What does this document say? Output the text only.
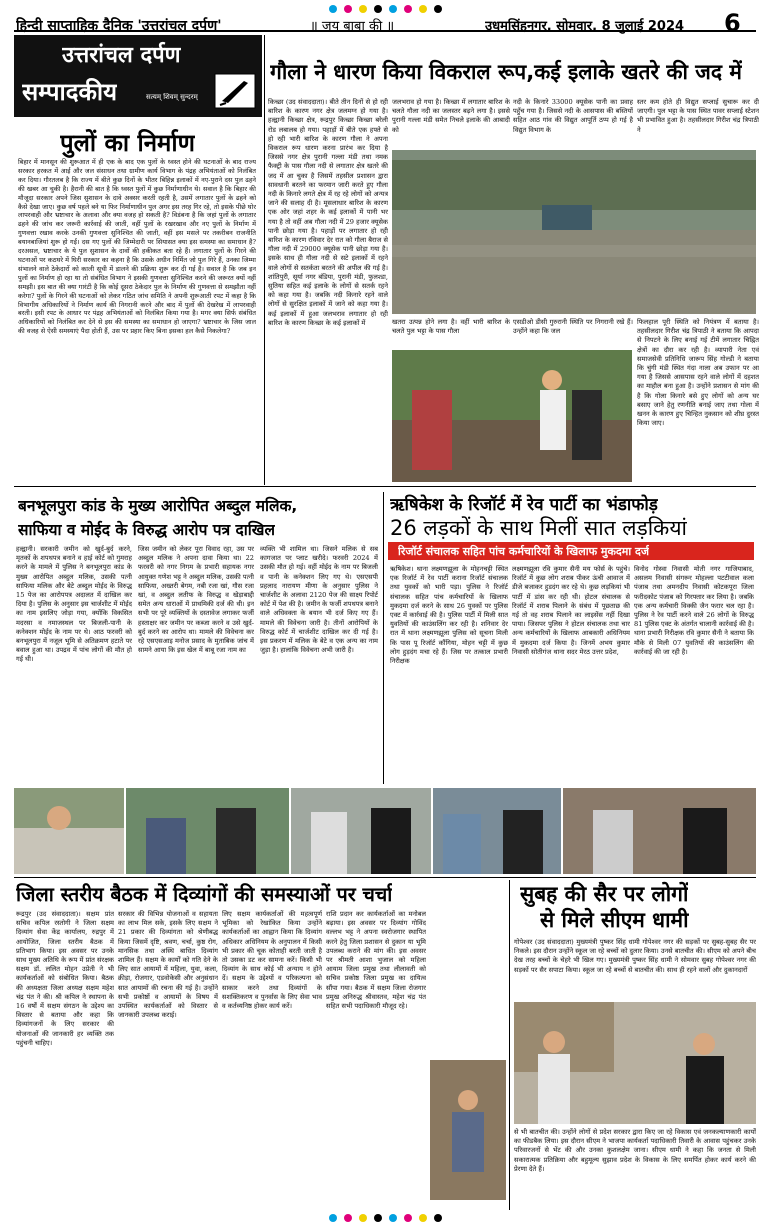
हिन्दी साप्ताहिक दैनिक 'उत्तरांचल दर्पण'	॥ जय बाबा की ॥	उधमसिंहनगर, सोमवार, 8 जुलाई 2024 6
उत्तरांचल दर्पण
सम्पादकीय	सत्यम् शिवम् सुन्दरम्
पुलों का निर्माण
बिहार में मानसून की शुरूआत में ही एक के बाद एक पुलों के ध्वस्त होने की घटनाओं के बाद राज्य सरकार हरकत में आई और जल संसाधन तथा ग्रामीण कार्य विभाग के पंद्रह अभियंताओं को निलंबित कर दिया। गौरतलब है कि राज्य में बीते कुछ दिनों के भीतर बिहिन्न इलाकों में नए-पुराने दस पुल ढहने की खबर आ चुकी है। हैरानी की बात है कि ध्वस्त पुलों में कुछ निर्माणाधीन थे। सवाल है कि बिहार की मौजूदा सरकार अपने जिस सुशासन के दावे अक्सर करती रहती है, उसमें लगातार पुलों के ढहने को कैसे देखा जाए। कुछ वर्ष पहले बने या फिर निर्माणाधीन पुल अगर इस तरह गिर रहे, तो इसके पीछे घोर लापरवाही और भ्रष्टाचार के अलावा और क्या वजह हो सकती है? विडंबना है कि जहां पुलों के लगातार ढहने की जांच कर जरूरी कार्रवाई की जाती, वहीं पुलों के रखरखाव और नए पुलों के निर्माण में गुणवत्ता रखाव करके उनकी गुणवत्ता सुनिश्चित की जाती, वहीं इस मसले पर तकरीबन राजनीति बयानबाजियां शुरू हो गईं। दस गए पुलों की जिम्मेदारी पर सियासत क्या इस समस्या का समाधान है? दरअसल, भ्रष्टाचार के ये पुल सुशासन के दावों की हकीकत बता रहे हैं। लगातार पुलों के गिरने की घटनाओं पर कठघरे में घिरी सरकार का कहना है कि उसके अधीन निर्मित जो पुल गिरे हैं, उनका जिम्मा संभालने वाले ठेकेदारों को काली सूची में डालने की प्रक्रिया शुरू कर दी गई है। सवाल है कि जब इन पुलों का निर्माण हो रहा था तो संबंधित विभाग ने इसकी गुणवत्ता सुनिश्चित करने की जरूरत क्यों नहीं समझी। इस बात की क्या गारंटी है कि कोई दूसरा ठेकेदार पुल के निर्माण की गुणवत्ता से समझौता नहीं करेगा? पुलों के गिरने की घटनाओं को लेकर गठित जांच समिति ने अपनी शुरूआती रपट में कहा है कि विभागीय अधिकारियों ने निर्माण कार्य की निगरानी करने और बाद में पुलों की देखरेख में लापरवाही बरती। इसी रपट के आधार पर पंद्रह अभियंताओं को निलंबित किया गया है। मगर क्या सिर्फ संबंधित अधिकारियों को निलंबित कर देने से इस की समस्या का समाधान हो जाएगा? भ्रष्टाचार के जिस जाल की वजह से ऐसी समस्याएं पैदा होती हैं, उस पर प्रहार किए बिना इसका हल कैसे निकलेगा?
गौला ने धारण किया विकराल रूप,कई इलाके खतरे की जद में
किच्छा (उद संवाददाता)। बीते तीन दिनों से हो रही बारिश के कारण नगर क्षेत्र जलमग्न हो गया है। हल्द्वानी किच्छा क्षेत्र, रूद्रपुर किच्छा किच्छा बरेली रोड लबालब हो गया। पहाड़ों में बीते एक हफ्ते से हो रही भारी बारिश के कारण गौला ने अपना विकराल रूप धारण करना प्रारंभ कर दिया है जिससे नगर क्षेत्र पुरानी गल्ला मंडी तथा नमक फैक्ट्री के पास गौला नदी से लगातार क्षेत्र खतरे की जद में आ चुका है जिसमें तहसील प्रशासन द्वारा सावधानी बरतने का फरमान जारी करते हुए गौला नदी के किनारे लगते क्षेत्र में रह रहे लोगों को अन्यत्र जाने की सलाह दी है। मूसलाधार बारिश के कारण एक ओर जहां शहर के कई इलाकों में पानी भर गया है तो वहीं अब गौला नदी में 29 हजार क्यूसेक पानी छोड़ा गया है। पहाड़ों पर लगातार हो रही बारिश के कारण रविवार देर रात को गौला बैराज से गौला नदी में 29000 क्यूसेक पानी छोड़ा गया है। इसके साथ ही गौला नदी से सटे इलाकों में रहने वाले लोगों से सतर्कता बरतने की अपील की गई है। शांतिपुरी, सूर्या नगर बंडिया, पुरानी मंडी, फुलश्डा, सुतिया सहित कई इलाके के लोगों से सतर्क रहने को कहा गया है। जबकि नदी किनारे रहने वाले लोगों से सुरक्षित इलाकों में जाने को कहा गया है। कई इलाकों में हुआ जलभराव लगातार हो रही बारिश के कारण किच्छा के कई इलाकों में
जलभराव हो गया है। किच्छा में लगातार बारिश के चलते गौला नदी का जलस्तर बढ़ने लगा है। इससे पुरानी गल्ला मंडी समेत निचले इलाके की आबादी को
नदी के किनारे 33000 क्यूसेक पानी का प्रवाह पहुँच गया है। जिससे नदी के आसपास की बस्तियों सहित आठ गांव की विद्युत आपूर्ति ठप्प हो गई है विद्युत विभाग के
स्तर कम होते ही विद्युत सप्लाई सुचारू कर दी जाएगी। पुल भट्टा के पास स्थित पावर सप्लाई स्टेशन भी प्रभावित हुआ है। तहसीलदार गिरीश चंद्र त्रिपाठी ने
खतरा उत्पन्न होने लगा है। वहीं भारी बारिश के चलते पुल भट्टा के पास गौला
एसडीओ डीसी गुरुरानी स्थिति पर निगरानी रखे हैं। उन्होंने कहा कि जल
फिलहाल पूरी स्थिति को नियंत्रण में बताया है। तहसीलदार गिरीश चंद्र त्रिपाठी ने बताया कि आपदा से निपटने के लिए बनाई गई टीमें लगातार चिह्नित क्षेत्रों का दौरा कर रही है। व्यापारी नेता एवं समाजसेवी प्रतिनिधि जारूप सिंह गोल्डी ने बताया कि चुंगी मंडी स्थित गंदा नाला अब उफान पर आ गया है जिससे आसपास रहने वाले लोगों में दहशत का माहौल बना हुआ है। उन्होंने प्रशासन से मांग की है कि गोला किनारे बसे हुए लोगों को अन्य घर बसाए जाने हेतु रणनीति बनाई जाए तथा गोला में खनन के कारण हुए चिन्हित नुकसान को शीघ्र दुरस्त किया जाए।
बनभूलपुरा कांड के मुख्य आरोपित अब्दुल मलिक,
साफिया व मोईद के विरुद्ध आरोप पत्र दाखिल
हल्द्वानी। सरकारी जमीन को खुर्द-बुर्द करने, मृतकों के शपथपत्र बनाने व हाई कोर्ट को गुमराह करने के मामले में पुलिस ने बनभूलपुरा कांड के मुख्य आरोपित अब्दुल मलिक, उसकी पत्नी साफिया मलिक और बेटे अब्दुल मोईद के विरुद्ध 15 पेज का आरोपपत्र अदालत में दाखिल कर दिया है। पुलिस के अनुसार इस चार्जशीट में मोईद का नाम इसलिए जोड़ा गया, क्योंकि विकसित मदरसा व नमाजस्थल पर बिजली-पानी के कनेक्शन मोईद के नाम पर थे। आठ फरवरी को बनभूलपुरा में नजूल भूमि से अतिक्रमण हटाते पर बवाल हुआ था। उपद्रव में पांच लोगों की मौत हो गई थी।
जिस जमीन को लेकर पूरा विवाद रहा, उस पर अब्दुल मलिक ने अपना दावा किया था। 22 फरवरी को नगर निगम के प्रभारी सहायक नगर आयुक्त गणेश भट्ट ने अब्दुल मलिक, उसकी पत्नी साफिया, अख्तरी बेगम, नबी रजा खां, गौस रजा खां, व अब्दुल लतीफ के विरुद्ध व खेड़ाबाद्दी समेत अन्य धाराओं में प्राथमिकी दर्ज की थी। इन सभी पर पूरे व्यक्तियों के दस्तावेज लगाकर फर्जी हस्ताक्षर कर जमीन पर कब्जा करने व उसे खुर्द-बुर्द करने का आरोप था। मामले की विवेचना कर रहे एसएसआइ मनोज प्रसाद के मुताबिक जांच में सामने आया कि इस खेल में बाबू रजा नाम का
व्यक्ति भी शामिल था। जिसने मलिक से सब कागजात पर प्लाट खरीदे। फरवरी 2024 में उसकी मौत हो गई। वहीं मोईद के नाम पर बिजली व पानी के कनेक्शन लिए गए थे। एसएसपी प्रहलाद नारायण मीणा के अनुसार पुलिस ने चार्जशीट के अलावा 2120 पेज की साक्ष्य रिपोर्ट कोर्ट में पेश की है। जमीन के फर्जी शपथपत्र बनाने वाले अधिवक्ता के बयान भी दर्ज किए गए हैं। मामले की विवेचना जारी है। तीनों आरोपियों के विरुद्ध कोर्ट में चार्जशीट दाखिल कर दी गई है। इस प्रकरण में मलिक के बेटे व एक अन्य का नाम जुड़ा है। हालांकि विवेचना अभी जारी है।
ऋषिकेश के रिजॉर्ट में रेव पार्टी का भंडाफोड़
26 लड़कों के साथ मिलीं सात लड़कियां
रिजॉर्ट संचालक सहित पांच कर्मचारियों के खिलाफ मुकदमा दर्ज
ऋषिकेश। थाना लक्ष्मणझूला के मोहनचट्टी स्थित एक रिजॉर्ट में रेव पार्टी कराना रिजॉर्ट संचालक तथा युवकों को भारी पड़ा। पुलिस ने रिजॉर्ट संचालक सहित पांच कर्मचारियों के खिलाफ मुकदमा दर्ज करने के साथ 26 युवकों पर पुलिस एक्ट में कार्रवाई की है। पुलिस पार्टी में मिली सात युवतियों की काउंसलिंग कर रही है। शनिवार देर रात में थाना लक्ष्मणझूला पुलिस को सूचना मिली कि पास पू रिजॉर्ट कौंगिया, मोहन चट्टी में कुछ लोग हुड़दंग मचा रहे हैं। जिस पर तत्काल प्रभारी निरीक्षक
लक्ष्मणझूला रवि कुमार सैनी मय फोर्स के पहुंचे। रिजॉर्ट में कुछ लोग शराब पीकर ऊंची आवाज में डीजे बजाकर हुडदंग कर रहे थे। कुछ लड़कियां भी पार्टी में डांस कर रही थी। होटल संचालक से रिजॉर्ट में शराब पिलाने के संबंध में पूछताछ की गई तो वह शराब पिलाने का लाइसेंस नहीं दिखा पाया। जिसपर पुलिस ने होटल संचालक तथा चार अन्य कर्मचारियों के खिलाफ आबकारी अधिनियम में मुकदमा दर्ज किया है। जिनमें अभय कुमार निवासी सोतीगंज थाना सदर मेरठ उत्तर प्रदेश,
विनोद गोस्वा निवासी मोती नगर गाजियाबाद, असलम निवासी संगरूर मोहल्ला पटटीवाल कला पंजाब तथा अमनदीप निवासी कोटकपूरा जिला फरीदकोट पंजाब को गिरफ्तार कर लिया है। जबकि एक अन्य कर्मचारी विक्की जैन फरार चल रहा है। पुलिस ने रेव पार्टी करने वाले 26 लोगों के विरुद्ध 81 पुलिस एक्ट के अंतर्गत चालानी कार्रवाई की है। थाना प्रभारी निरीक्षक रवि कुमार सैनी ने बताया कि मौके से मिली 07 युवतियों की काउंसलिंग की कार्रवाई की जा रही है।
जिला स्तरीय बैठक में दिव्यांगों की समस्याओं पर चर्चा
रूद्रपुर (उद संवाददाता)। सक्षम प्रांत सचिव कपिल रस्तोगी ने जिला सक्षम दिव्यांग सेवा केंद्र कार्यालय, रुद्रपुर में आयोजित, जिला स्तरीय बैठक में प्रतिभाग किया। इस अवसर पर उनके साथ मुख्य अतिथि के रूप में प्रांत संरक्षक सक्षम डॉ. ललित मोहन उप्रेती ने भी कार्यकर्ताओं को संबोधित किया। बैठक की अध्यक्षता जिला अध्यक्ष सक्षम महेश चंद्र पंत ने की। श्री कपिल ने स्थापना के 16 वर्षों में सक्षम संगठन के उद्देश्य का विस्तार से बताया और कहा कि दिव्यांगजनों के लिए सरकार की योजनाओं की जानकारी हर व्यक्ति तक पहुंचनी चाहिए।
सरकार की विभिन्न योजनाओं व सहायता का लाभ मिल सके, इसके लिए सक्षम ने 21 प्रकार की दिव्यांगता को श्रेणीबद्ध किया जिसमें दृष्टि, श्रवण, चर्चा, कुष्ठ रोग, मानसिक तथा अस्थि बाधित दिव्यांग शामिल हैं। सक्षम के कार्यों को गति देने के लिए सात आयामों में महिला, युवा, कला, क्रीड़ा, रोजगार, एडवोकेसी और अनुसंधान सात आयामों की रचना की गई है। उन्होंने सभी प्रकोष्ठों व आयामों के विषय में उपस्थित कार्यकर्ताओं को विस्तार से जानकारी उपलब्ध कराई।
लिए सक्षम कार्यकर्ताओं की महत्वपूर्ण भूमिका को रेखांकित किया उन्होंने कार्यकर्ताओं का आह्वान किया कि दिव्यांग अधिकार अधिनियम के अनुपालन में किसी भी प्रकार की चूक कोताही बरती जाती है तो उसका डट कर सामना करें। किसी भी दिव्यांग के साथ कोई भी अन्याय न होने दें। सक्षम के उद्देश्यों व परिकल्पना को साकार करने तथा दिव्यांगों के सशक्तिकरण व पुनर्वास के लिए सेवा भाव व कर्तव्यनिष्ठ होकर कार्य करें।
राशि प्रदान कर कार्यकर्ताओं का मनोबल बढ़ाया। इस अवसर पर दिव्यांग गोविंद वल्लभ भट्ट ने अपना स्वरोजगार स्थापित करने हेतु जिला प्रशासन से दुकान या भूमि उपलब्ध कराने की मांग की। इस अवसर पर श्रीमती आशा भुजाल को महिला आयाम जिला प्रमुख तथा लीलावती को सचिव प्रकोष्ठ जिला प्रमुख का दायित्व सौंपा गया। बैठक में सक्षम जिला रोजगार प्रमुख अनिरुद्ध श्रीवास्तव, महेश चंद्र पंत सहित सभी पदाधिकारी मौजूद रहे।
सुबह की सैर पर लोगों
से मिले सीएम धामी
गोपेश्वर (उद संवाददाता) मुख्यमंत्री पुष्कर सिंह धामी गोपेश्वर नगर की सड़कों पर सुबह-सुबह सैर पर निकले। इस दौरान उन्होंने स्कूल जा रहे बच्चों को दुलार किया। उनसे बातचीत की। सीएम को अपने बीच देख तरह बच्चों के चेहरे भी खिल गए। मुख्यमंत्री पुष्कर सिंह धामी ने सोमवार सुबह गोपेश्वर नगर की सड़कों पर सैर सपाटा किया। स्कूल जा रहे बच्चों से बातचीत की। साथ ही रहने वालों और दुकानदारों
से भी बातचीत की। उन्होंने लोगों से प्रदेश सरकार द्वारा किए जा रहे विकास एवं जनकल्याणकारी कार्यों का फीडबैक लिया। इस दौरान सीएम ने भाजपा कार्यकर्ता पदाधिकारी तिवारी के आवास पहुंचकर उनके परिवारजनों से भेंट की और उनका कुशलक्षेम जाना। सीएम धामी ने कहा कि जनता से मिली सकारात्मक प्रतिक्रिया और बहुमूल्य सुझाव प्रदेश के विकास के लिए समर्पित होकर कार्य करने की प्रेरणा देते हैं।
